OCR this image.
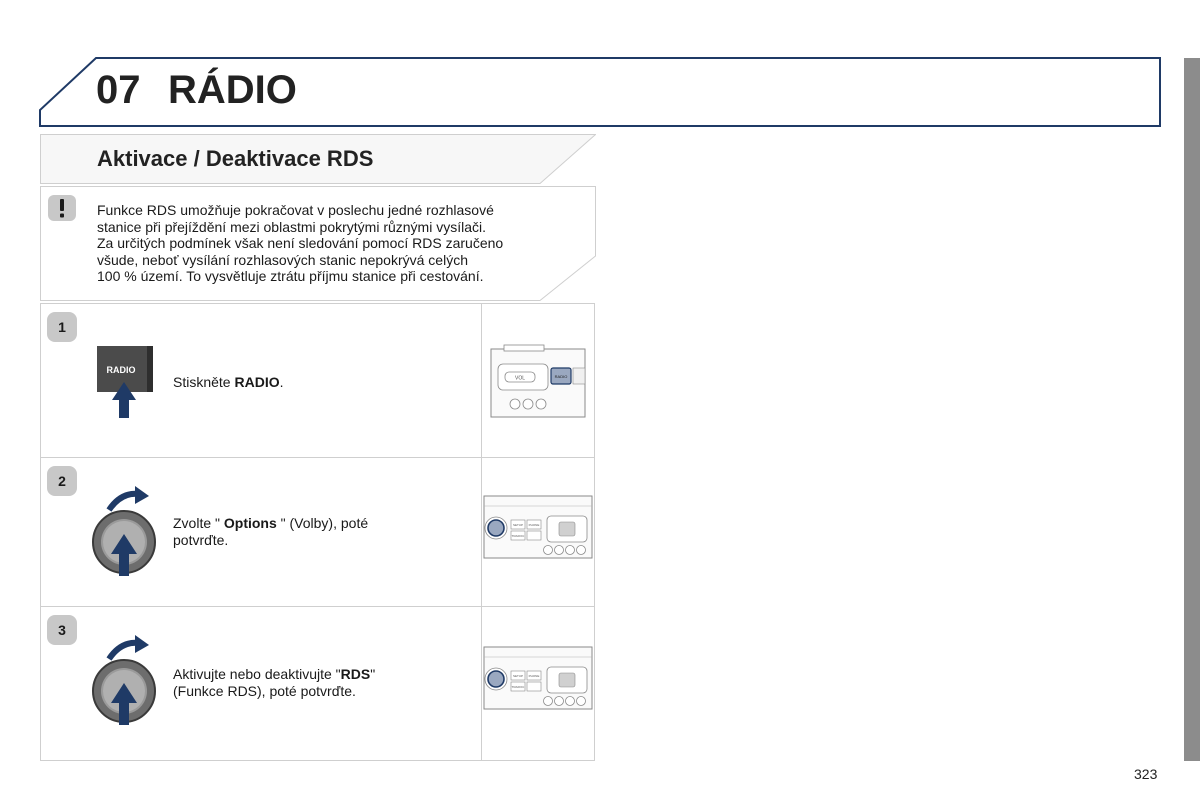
07 RÁDIO
Aktivace / Deaktivace RDS
Funkce RDS umožňuje pokračovat v poslechu jedné rozhlasové
stanice při přejíždění mezi oblastmi pokrytými různými vysílači.
Za určitých podmínek však není sledování pomocí RDS zaručeno
všude, neboť vysílání rozhlasových stanic nepokrývá celých
100 % území. To vysvětluje ztrátu příjmu stanice při cestování.
1
RADIO
Stiskněte RADIO.	VOL	RADIO
2
Zvolte " Options " (Volby), poté
potvrďte.
SETUP PHONE
TRAFFIC
3
Aktivujte nebo deaktivujte "RDS"
(Funkce RDS), poté potvrďte.
SETUP PHONE
TRAFFIC
323
